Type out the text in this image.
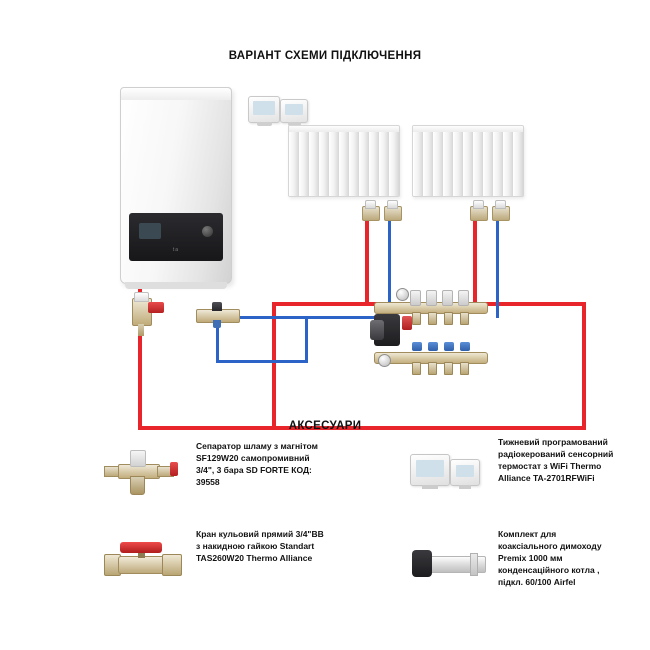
ВАРІАНТ СХЕМИ ПІДКЛЮЧЕННЯ
ta
АКСЕСУАРИ
Сепаратор шламу з магнітом SF129W20 самопромивний 3/4", 3 бара SD FORTE КОД: 39558
Кран кульовий прямий 3/4"ВВ з накидною гайкою Standart TAS260W20 Thermo Alliance
Тижневий програмований радіокерований сенсорний термостат з WiFi Thermo Alliance TA-2701RFWiFi
Комплект для коаксіального димоходу Premix 1000 мм конденсаційного котла , підкл. 60/100 Airfel
